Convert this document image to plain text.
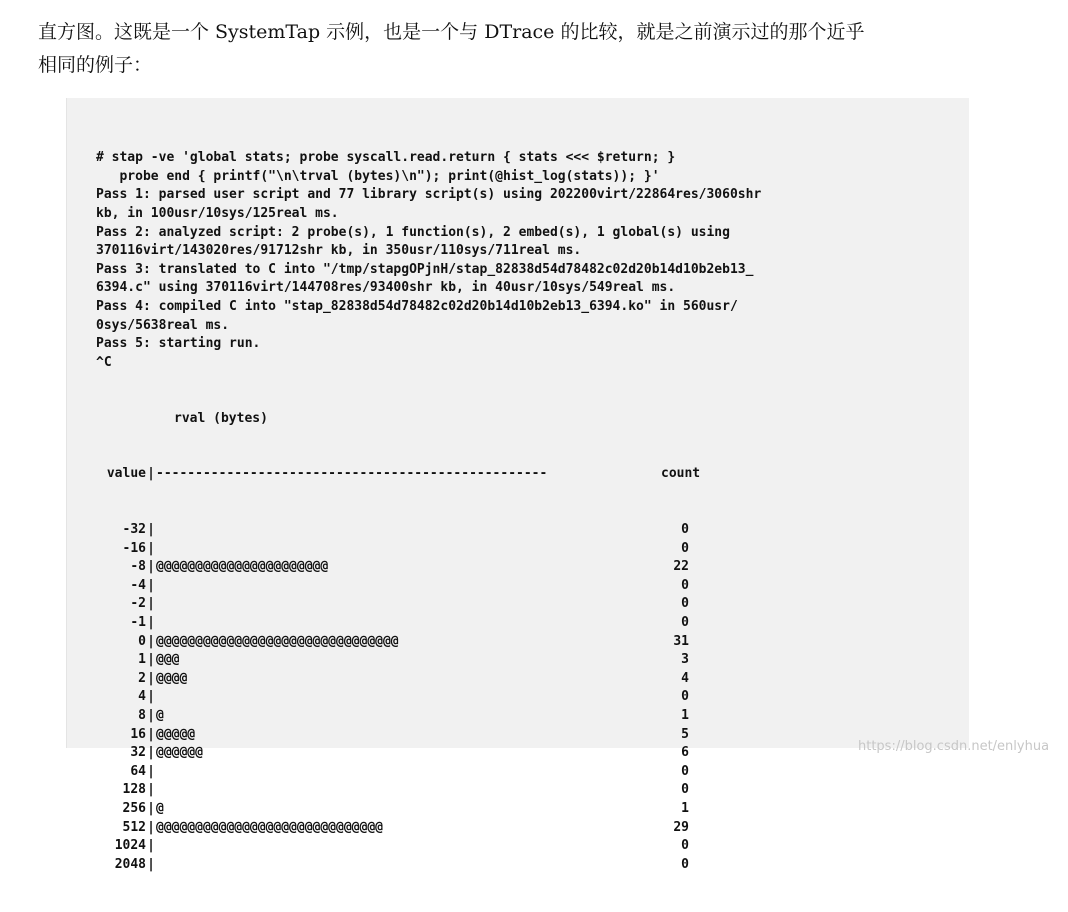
直方图。这既是一个 SystemTap 示例，也是一个与 DTrace 的比较，就是之前演示过的那个近乎

相同的例子：

# stap -ve 'global stats; probe syscall.read.return { stats <<< $return; }
probe end { printf("\n\trval (bytes)\n"); print(@hist_log(stats)); }'
Pass 1: parsed user script and 77 library script(s) using 202200virt/22864res/3060shr
kb, in 100usr/10sys/125real ms.
Pass 2: analyzed script: 2 probe(s), 1 function(s), 2 embed(s), 1 global(s) using
370116virt/143020res/91712shr kb, in 350usr/110sys/711real ms.
Pass 3: translated to C into "/tmp/stapgOPjnH/stap_82838d54d78482c02d20b14d10b2eb13_
6394.c" using 370116virt/144708res/93400shr kb, in 40usr/10sys/549real ms.
Pass 4: compiled C into "stap_82838d54d78482c02d20b14d10b2eb13_6394.ko" in 560usr/
0sys/5638real ms.
Pass 5: starting run.
^C

rval (bytes)

value | --------------------------------------------------	count

-32 |	0
-16 |	0
-8 | @@@@@@@@@@@@@@@@@@@@@@	22
-4 |	0
-2 |	0
-1 |	0
0 | @@@@@@@@@@@@@@@@@@@@@@@@@@@@@@@	31
1 | @@@	3
2 | @@@@	4
4 |	0
8 | @	1
16 | @@@@@	5
32 | @@@@@@	6
64 |	0
128 |	0
256 | @	1
512 | @@@@@@@@@@@@@@@@@@@@@@@@@@@@@	29
1024 |	0
2048 |	0

https://blog.csdn.net/enlyhua
